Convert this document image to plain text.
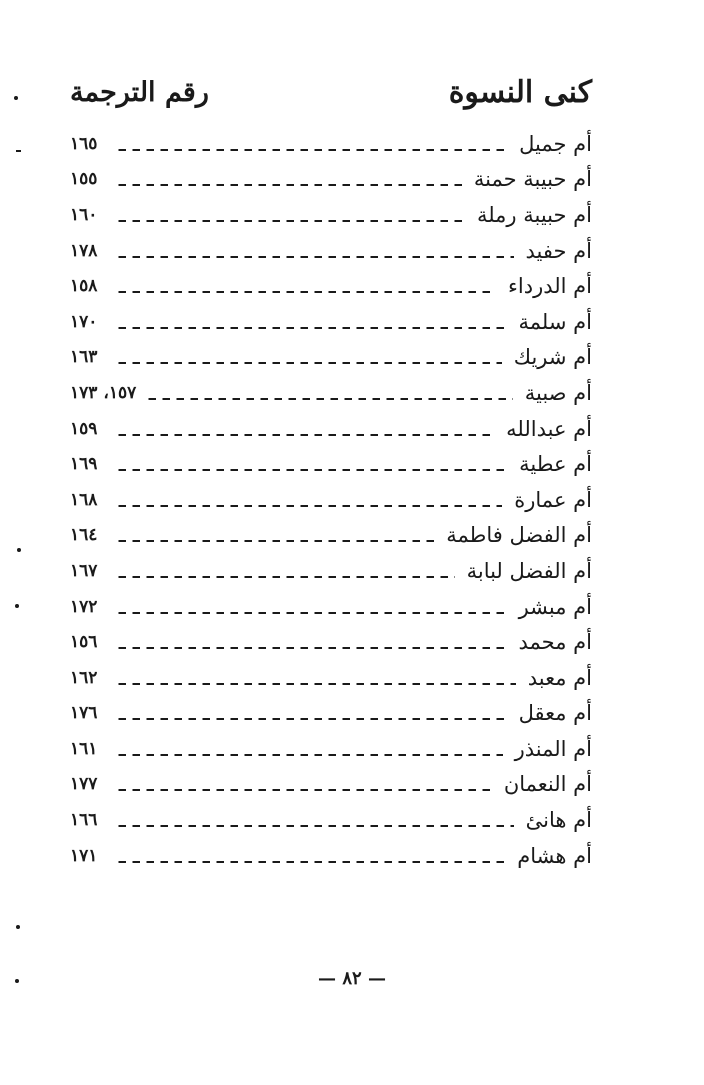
كنى النسوة
رقم الترجمة
أم جميل
١٦٥
أم حبيبة حمنة
١٥٥
أم حبيبة رملة
١٦٠
أم حفيد
١٧٨
أم الدرداء
١٥٨
أم سلمة
١٧٠
أم شريك
١٦٣
أم صبية
١٥٧، ١٧٣
أم عبدالله
١٥٩
أم عطية
١٦٩
أم عمارة
١٦٨
أم الفضل فاطمة
١٦٤
أم الفضل لبابة
١٦٧
أم مبشر
١٧٢
أم محمد
١٥٦
أم معبد
١٦٢
أم معقل
١٧٦
أم المنذر
١٦١
أم النعمان
١٧٧
أم هانئ
١٦٦
أم هشام
١٧١
— ٨٢ —
